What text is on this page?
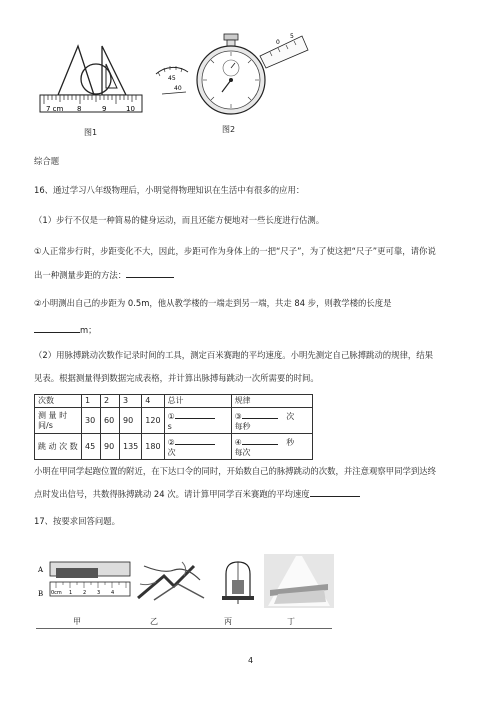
7 cm 8	9	10
图1
45
40
0
5
图2
综合题
16、通过学习八年级物理后，小明觉得物理知识在生活中有很多的应用：
（1）步行不仅是一种简易的健身运动，而且还能方便地对一些长度进行估测。
①人正常步行时，步距变化不大，因此，步距可作为身体上的一把“尺子”，为了使这把“尺子”更可靠，请你说
出一种测量步距的方法：
②小明测出自己的步距为 0.5m，他从教学楼的一端走到另一端，共走 84 步，则教学楼的长度是
m；
（2）用脉搏跳动次数作记录时间的工具，测定百米赛跑的平均速度。小明先测定自己脉搏跳动的规律，结果
见表。根据测量得到数据完成表格，并计算出脉搏每跳动一次所需要的时间。
次数	1	2	3	4	总计	规律
测 量 时 间/s	30	60	90	120	①
s	③ 次
每秒
跳 动 次 数	45	90	135	180	②
次	④ 秒
每次
小明在甲同学起跑位置的附近，在下达口令的同时，开始数自己的脉搏跳动的次数，并注意观察甲同学到达终
点时发出信号，共数得脉搏跳动 24 次。请计算甲同学百米赛跑的平均速度
17、按要求回答问题。
A
B 0cm 1 2 3 4
甲	乙	丙	丁
4
